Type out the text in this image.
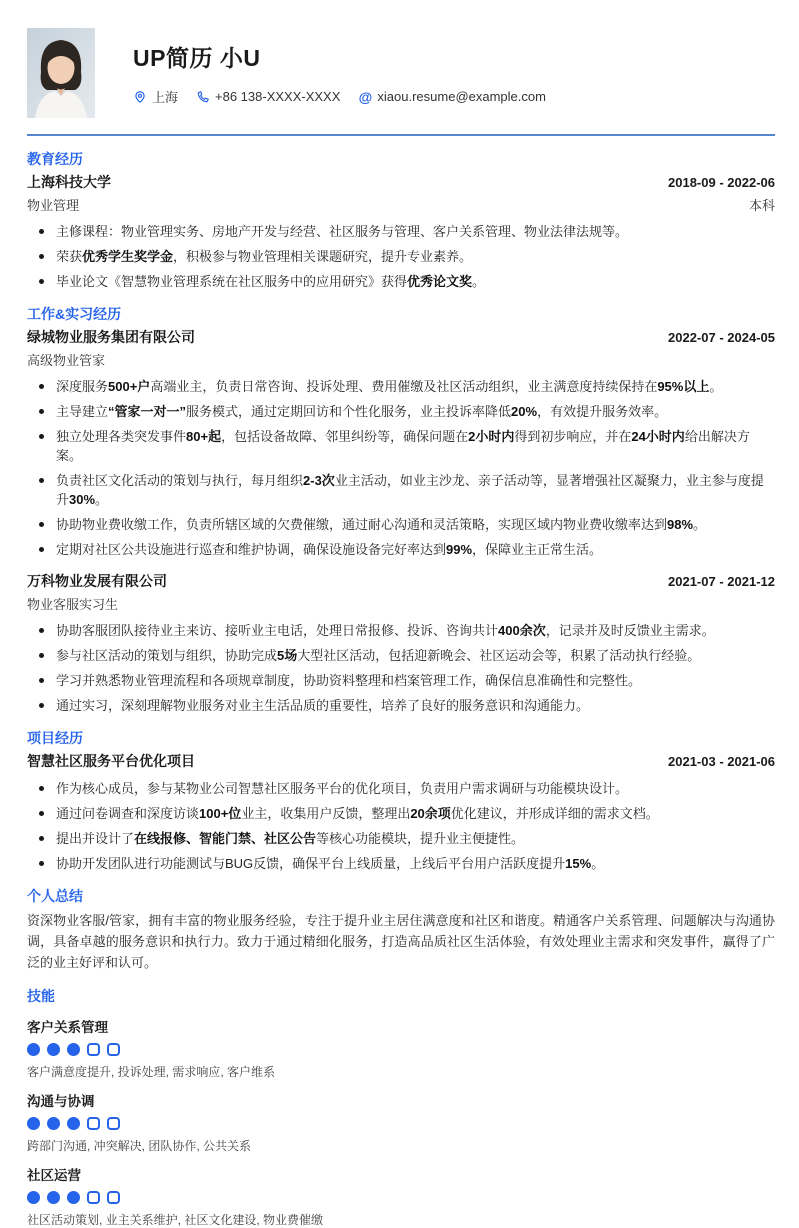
UP简历 小U
上海	+86 138-XXXX-XXXX @ xiaou.resume@example.com
教育经历
上海科技大学	2018-09 - 2022-06
物业管理	本科
主修课程：物业管理实务、房地产开发与经营、社区服务与管理、客户关系管理、物业法律法规等。
荣获优秀学生奖学金，积极参与物业管理相关课题研究，提升专业素养。
毕业论文《智慧物业管理系统在社区服务中的应用研究》获得优秀论文奖。
工作&实习经历
绿城物业服务集团有限公司	2022-07 - 2024-05
高级物业管家
深度服务500+户高端业主，负责日常咨询、投诉处理、费用催缴及社区活动组织，业主满意度持续保持在95%以上。
主导建立“管家一对一”服务模式，通过定期回访和个性化服务，业主投诉率降低20%，有效提升服务效率。
独立处理各类突发事件80+起，包括设备故障、邻里纠纷等，确保问题在2小时内得到初步响应，并在24小时内给出解决方案。
负责社区文化活动的策划与执行，每月组织2-3次业主活动，如业主沙龙、亲子活动等，显著增强社区凝聚力，业主参与度提升30%。
协助物业费收缴工作，负责所辖区域的欠费催缴，通过耐心沟通和灵活策略，实现区域内物业费收缴率达到98%。
定期对社区公共设施进行巡查和维护协调，确保设施设备完好率达到99%，保障业主正常生活。
万科物业发展有限公司	2021-07 - 2021-12
物业客服实习生
协助客服团队接待业主来访、接听业主电话，处理日常报修、投诉、咨询共计400余次，记录并及时反馈业主需求。
参与社区活动的策划与组织，协助完成5场大型社区活动，包括迎新晚会、社区运动会等，积累了活动执行经验。
学习并熟悉物业管理流程和各项规章制度，协助资料整理和档案管理工作，确保信息准确性和完整性。
通过实习，深刻理解物业服务对业主生活品质的重要性，培养了良好的服务意识和沟通能力。
项目经历
智慧社区服务平台优化项目	2021-03 - 2021-06
作为核心成员，参与某物业公司智慧社区服务平台的优化项目，负责用户需求调研与功能模块设计。
通过问卷调查和深度访谈100+位业主，收集用户反馈，整理出20余项优化建议，并形成详细的需求文档。
提出并设计了在线报修、智能门禁、社区公告等核心功能模块，提升业主便捷性。
协助开发团队进行功能测试与BUG反馈，确保平台上线质量，上线后平台用户活跃度提升15%。
个人总结
资深物业客服/管家，拥有丰富的物业服务经验，专注于提升业主居住满意度和社区和谐度。精通客户关系管理、问题解决与沟通协调，具备卓越的服务意识和执行力。致力于通过精细化服务，打造高品质社区生活体验，有效处理业主需求和突发事件，赢得了广泛的业主好评和认可。
技能
客户关系管理
客户满意度提升, 投诉处理, 需求响应, 客户维系
沟通与协调
跨部门沟通, 冲突解决, 团队协作, 公共关系
社区运营
社区活动策划, 业主关系维护, 社区文化建设, 物业费催缴
